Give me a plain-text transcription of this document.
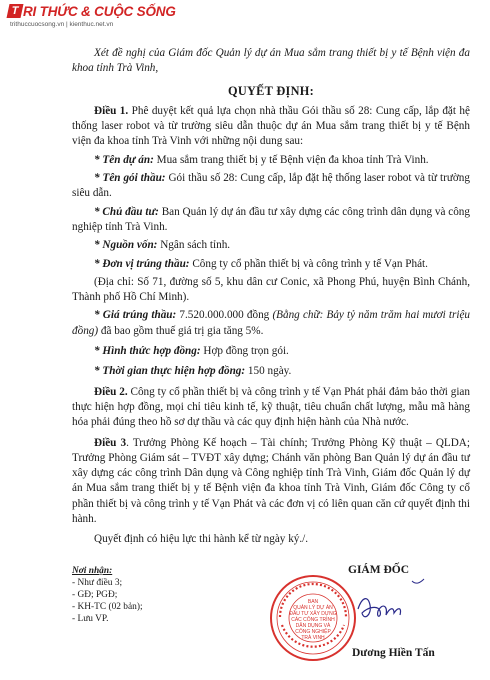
T RI THỨC & CUỘC SỐNG
trithuccuocsong.vn | kienthuc.net.vn

Xét đề nghị của Giám đốc Quản lý dự án Mua sắm trang thiết bị y tế Bệnh viện đa khoa tỉnh Trà Vinh,

QUYẾT ĐỊNH:

Điều 1. Phê duyệt kết quả lựa chọn nhà thầu Gói thầu số 28: Cung cấp, lắp đặt hệ thống laser robot và từ trường siêu dẫn thuộc dự án Mua sắm trang thiết bị y tế Bệnh viện đa khoa tỉnh Trà Vinh với những nội dung sau:

* Tên dự án: Mua sắm trang thiết bị y tế Bệnh viện đa khoa tỉnh Trà Vinh.

* Tên gói thầu: Gói thầu số 28: Cung cấp, lắp đặt hệ thống laser robot và từ trường siêu dẫn.

* Chủ đầu tư: Ban Quản lý dự án đầu tư xây dựng các công trình dân dụng và công nghiệp tỉnh Trà Vinh.

* Nguồn vốn: Ngân sách tỉnh.

* Đơn vị trúng thầu: Công ty cổ phần thiết bị và công trình y tế Vạn Phát.

(Địa chỉ: Số 71, đường số 5, khu dân cư Conic, xã Phong Phú, huyện Bình Chánh, Thành phố Hồ Chí Minh).

* Giá trúng thầu: 7.520.000.000 đồng (Bằng chữ: Bảy tỷ năm trăm hai mươi triệu đồng) đã bao gồm thuế giá trị gia tăng 5%.

* Hình thức hợp đồng: Hợp đồng trọn gói.

* Thời gian thực hiện hợp đồng: 150 ngày.

Điều 2. Công ty cổ phần thiết bị và công trình y tế Vạn Phát phải đảm bảo thời gian thực hiện hợp đồng, mọi chỉ tiêu kinh tế, kỹ thuật, tiêu chuẩn chất lượng, mẫu mã hàng hóa phải đúng theo hồ sơ dự thầu và các quy định hiện hành của Nhà nước.

Điều 3. Trưởng Phòng Kế hoạch – Tài chính; Trưởng Phòng Kỹ thuật – QLDA; Trưởng Phòng Giám sát – TVĐT xây dựng; Chánh văn phòng Ban Quản lý dự án đầu tư xây dựng các công trình Dân dụng và Công nghiệp tỉnh Trà Vinh, Giám đốc Quản lý dự án Mua sắm trang thiết bị y tế Bệnh viện đa khoa tỉnh Trà Vinh, Giám đốc Công ty cổ phần thiết bị và công trình y tế Vạn Phát và các đơn vị có liên quan căn cứ quyết định thi hành.

Quyết định có hiệu lực thi hành kể từ ngày ký./.

Nơi nhận:
- Như điều 3;
- GĐ; PGĐ;
- KH-TC (02 bản);
- Lưu VP.
GIÁM ĐỐC
BAN
QUẢN LÝ DỰ ÁN
ĐẦU TƯ XÂY DỰNG
CÁC CÔNG TRÌNH
DÂN DỤNG VÀ
CÔNG NGHIỆP
TRÀ VINH
Dương Hiền Tấn
